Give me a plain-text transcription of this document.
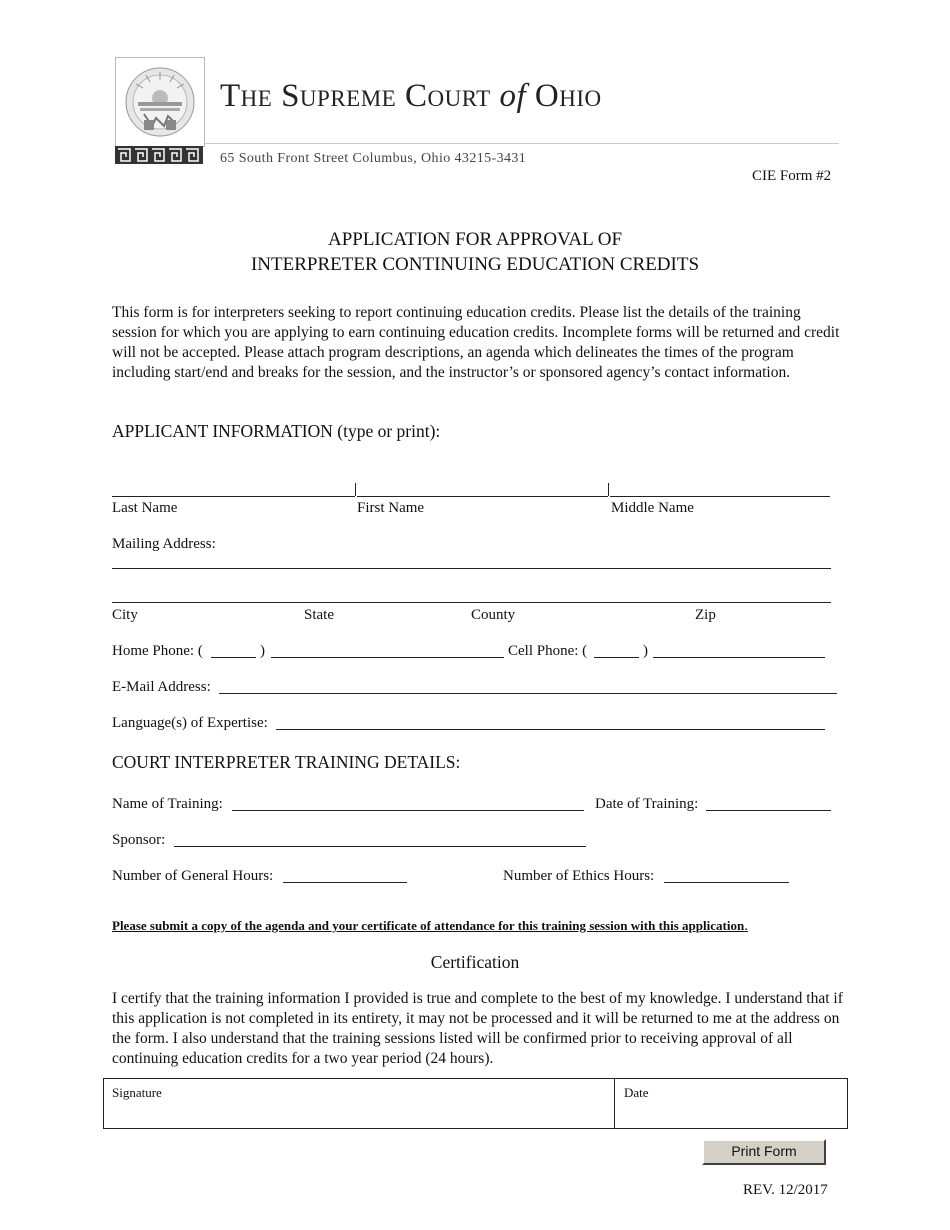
The Supreme Court of Ohio
65 South Front Street Columbus, Ohio 43215-3431
CIE Form #2
APPLICATION FOR APPROVAL OF
INTERPRETER CONTINUING EDUCATION CREDITS
This form is for interpreters seeking to report continuing education credits. Please list the details of the training session for which you are applying to earn continuing education credits. Incomplete forms will be returned and credit will not be accepted. Please attach program descriptions, an agenda which delineates the times of the program including start/end and breaks for the session, and the instructor’s or sponsored agency’s contact information.
APPLICANT INFORMATION (type or print):
Last Name	First Name	Middle Name
Mailing Address:
City	State	County	Zip
Home Phone: (	)	Cell Phone: (	)
E-Mail Address:
Language(s) of Expertise:
COURT INTERPRETER TRAINING DETAILS:
Name of Training:	Date of Training:
Sponsor:
Number of General Hours:	Number of Ethics Hours:
Please submit a copy of the agenda and your certificate of attendance for this training session with this application.
Certification
I certify that the training information I provided is true and complete to the best of my knowledge. I understand that if this application is not completed in its entirety, it may not be processed and it will be returned to me at the address on the form. I also understand that the training sessions listed will be confirmed prior to receiving approval of all continuing education credits for a two year period (24 hours).
Signature	Date
Print Form
REV. 12/2017
